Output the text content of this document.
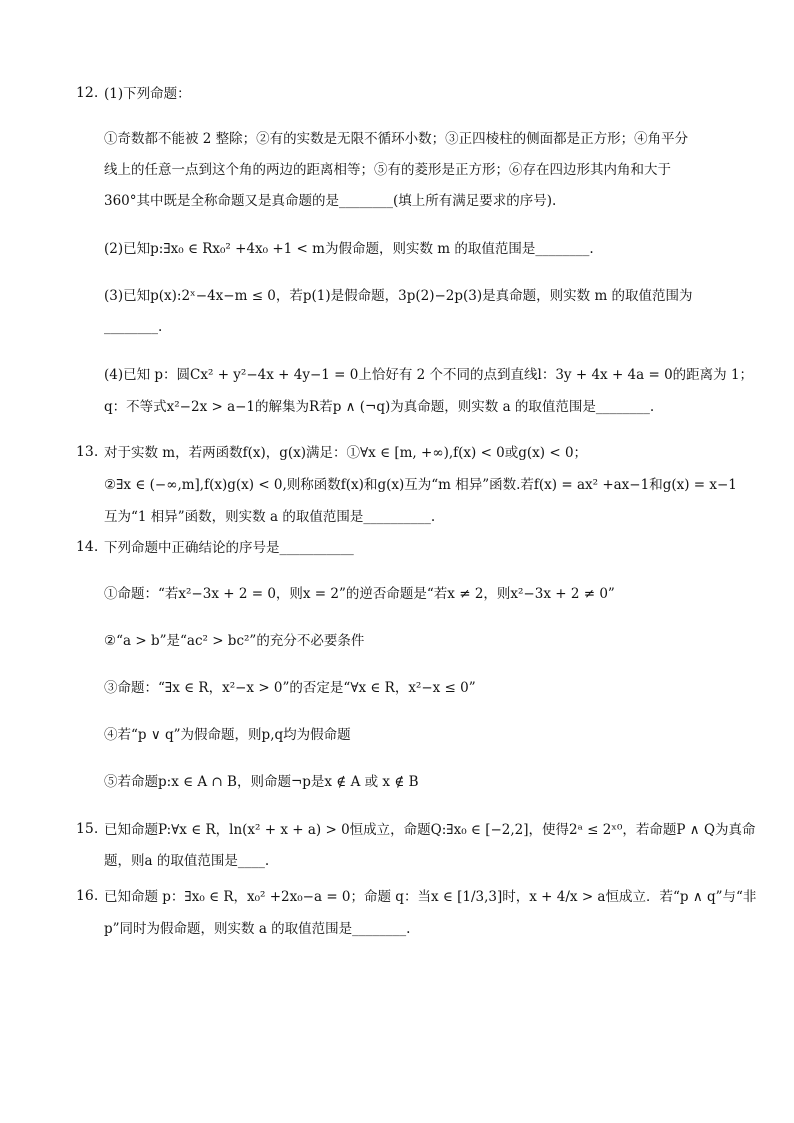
12. (1)下列命题：
①奇数都不能被 2 整除；②有的实数是无限不循环小数；③正四棱柱的侧面都是正方形；④角平分
线上的任意一点到这个角的两边的距离相等；⑤有的菱形是正方形；⑥存在四边形其内角和大于
360°其中既是全称命题又是真命题的是________(填上所有满足要求的序号).
(2)已知p:∃x₀ ∈ Rx₀² +4x₀ +1 < m为假命题，则实数 m 的取值范围是________.
(3)已知p(x):2ˣ−4x−m ≤ 0，若p(1)是假命题，3p(2)−2p(3)是真命题，则实数 m 的取值范围为
________.
(4)已知 p：圆Cx² + y²−4x + 4y−1 = 0上恰好有 2 个不同的点到直线l：3y + 4x + 4a = 0的距离为 1；
q：不等式x²−2x > a−1的解集为R若p ∧ (¬q)为真命题，则实数 a 的取值范围是________.
13. 对于实数 m，若两函数f(x)，g(x)满足：①∀x ∈ [m, +∞),f(x) < 0或g(x) < 0；
②∃x ∈ (−∞,m],f(x)g(x) < 0,则称函数f(x)和g(x)互为“m 相异”函数.若f(x) = ax² +ax−1和g(x) = x−1
互为“1 相异”函数，则实数 a 的取值范围是__________.
14. 下列命题中正确结论的序号是___________
①命题：“若x²−3x + 2 = 0，则x = 2”的逆否命题是“若x ≠ 2，则x²−3x + 2 ≠ 0”
②“a > b”是“ac² > bc²”的充分不必要条件
③命题：“∃x ∈ R，x²−x > 0”的否定是“∀x ∈ R，x²−x ≤ 0”
④若“p ∨ q”为假命题，则p,q均为假命题
⑤若命题p:x ∈ A ∩ B，则命题¬p是x ∉ A 或 x ∉ B
15. 已知命题P:∀x ∈ R，ln(x² + x + a) > 0恒成立，命题Q:∃x₀ ∈ [−2,2]，使得2ᵃ ≤ 2ˣ⁰，若命题P ∧ Q为真命
题，则a 的取值范围是____.
16. 已知命题 p：∃x₀ ∈ R，x₀² +2x₀−a = 0；命题 q：当x ∈ [1/3,3]时，x + 4/x > a恒成立．若“p ∧ q”与“非
p”同时为假命题，则实数 a 的取值范围是________.
